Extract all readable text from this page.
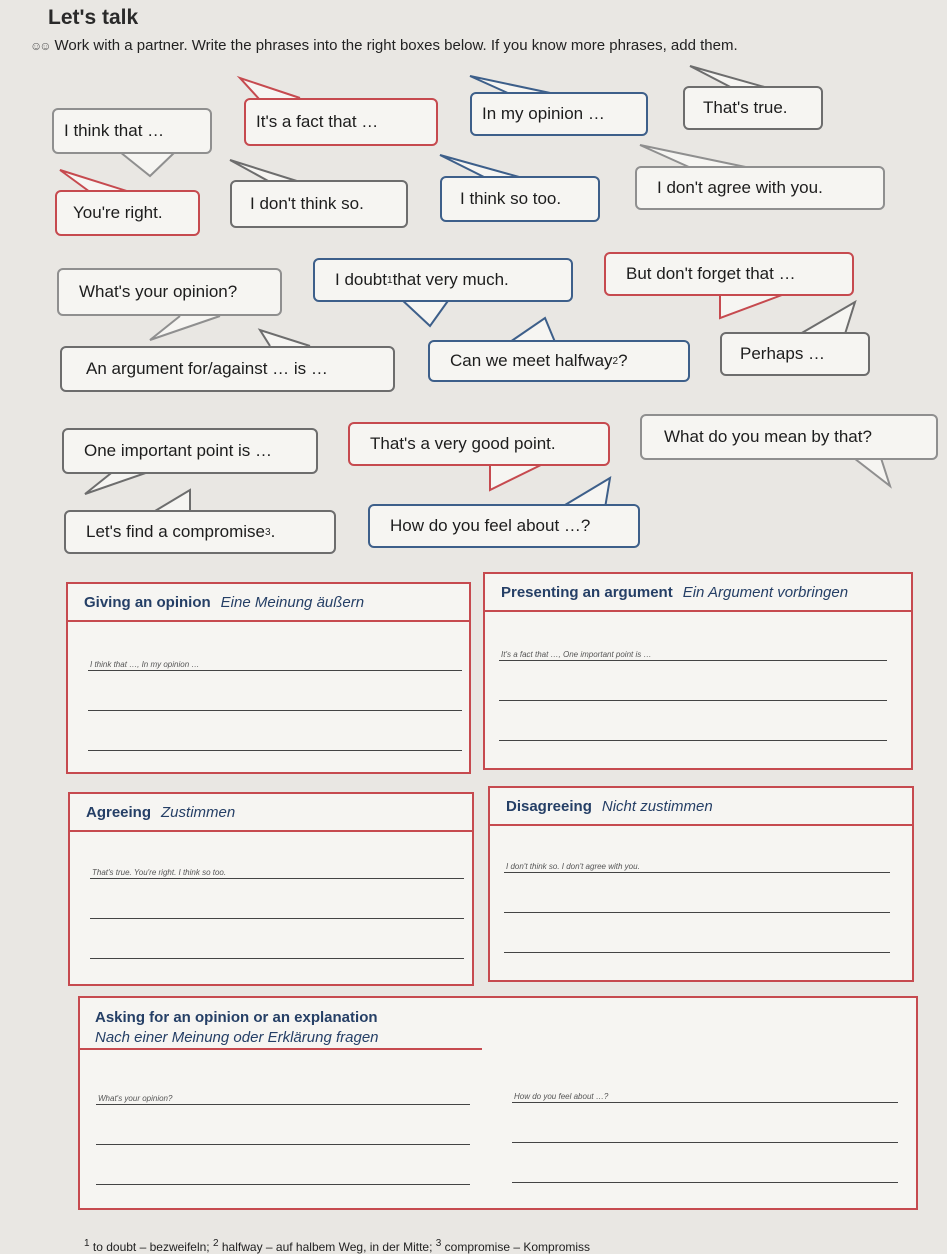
Let's talk
☺☺ Work with a partner. Write the phrases into the right boxes below. If you know more phrases, add them.
I think that …	It's a fact that …	In my opinion …	That's true.
You're right.	I don't think so.	I think so too.
I don't agree with you.
What's your opinion?
I doubt 1 that very much.	But don't forget that …
An argument for/against … is …	Can we meet halfway 2 ?	Perhaps …
One important point is …	That's a very good point.	What do you mean by that?
Let's find a compromise 3 .	How do you feel about …?
Giving an opinion Eine Meinung äußern
I think that …, In my opinion …
Presenting an argument Ein Argument vorbringen
It's a fact that …, One important point is …
Agreeing Zustimmen
That's true. You're right. I think so too.
Disagreeing Nicht zustimmen
I don't think so. I don't agree with you.
What's your opinion?	How do you feel about …?
Asking for an opinion or an explanation
Nach einer Meinung oder Erklärung fragen
$^1$ to doubt – bezweifeln; $^2$ halfway – auf halbem Weg, in der Mitte; $^3$ compromise – Kompromiss
